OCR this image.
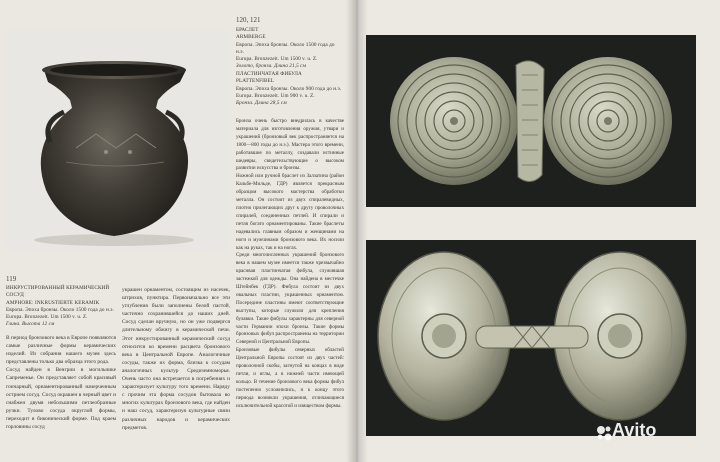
119
ИНКРУСТИРОВАННЫЙ КЕРАМИЧЕСКИЙ СОСУД
AMPHORE: INKRUSTIERTE KERAMIK
Европа. Эпоха бронзы. Около 1500 года до н.э.
Europa. Bronzezeit. Um 1500 v. u. Z.
Глина. Высота 12 см

В период бронзового века в Европе появляются самые различные формы керамических изделий. Из собрания нашего музея здесь представлены только два образца этого рода.

Сосуд найден в Венгрии в могильнике Сапременье. Он представляет собой красивый гончарный, орнаментированный начерченным острием сосуд. Сосуд окрашен в черный цвет и снабжен двумя небольшими петлеобразные ручки. Тулово сосуда округлой формы, переходит в биконический форме. Под краем горловины сосуд

украшен орнаментом, состоящим из насечек, штрихов, пунктира. Первоначально все эти углубления были заполнены белой пастой, частично сохранившейся до наших дней. Сосуд сделан вручную, но он уже подвергся длительному обжигу в керамической печи. Этот инкрустированный керамический сосуд относится ко времени расцвета бронзового века в Центральной Европе. Аналогичные сосуды, также их форма, близка к сосудам аналогичных культур Средиземноморья. Очень часто она встречается в погребениях и характеризует культуру того времени. Наряду с прочим эта форма сосудов бытовала во многих культурах бронзового века, где найден и наш сосуд, характеризуя культурные связи различных народов и керамических предметов.

120, 121
БРАСЛЕТ
ARMBERGE
Европа. Эпоха бронзы. Около 1500 года до н.э.
Europa. Bronzezeit. Um 1500 v. u. Z.
Золото, бронза. Длина 21,5 см
ПЛАСТИНЧАТАЯ ФИБУЛА
PLATTENFIBEL
Европа. Эпоха бронзы. Около 900 года до н.э.
Europa. Bronzezeit. Um 900 v. u. Z.
Бронза. Длина 28,5 см

Бронза очень быстро внедрилась в качестве материала для изготовления оружия, утвари и украшений (бронзовый век распространяется на 1800—800 годы до н.э.). Мастера этого времени, работавшие по металлу, создавали истинные шедевры, свидетельствующие о высоком развитии искусства и бронзы.

Ножной или ручной браслет из Залзатина (район Кальбе-Мильде, ГДР) является прекрасным образцом высокого мастерства обработки металла. Он состоит из двух спиралевидных, плотно прилегающих друг к другу проволочных спиралей, соединенных петлей. И спирали и петля богато орнаментированы. Такие браслеты надевались главным образом и женщинами на ноги и мужчинами бронзового века. Их носили как на руках, так и на ногах.

Среди многочисленных украшений бронзового века в нашем музее имеется также чрезвычайно красивая пластинчатая фибула, служившая застежкой для одежды. Она найдена в местечке Штейнбек (ГДР). Фибула состоит из двух овальных пластин, украшенных орнаментом. Посередине пластины имеют соответствующие выступы, которые служили для крепления булавки. Такие фибулы характерны для северной части Германии эпохи бронзы. Такие формы бронзовых фибул распространены на территории Северной и Центральной Европы.

Бронзовые фибулы северных областей Центральной Европы состоят из двух частей: проволочной скобы, загнутой на концах в виде петли, и иглы, а в нижней части имеющей кольцо. В течение бронзового века формы фибул постепенно усложнились, и к концу этого периода возникли украшения, отличающиеся исключительной красотой и изяществом формы.

Avito
